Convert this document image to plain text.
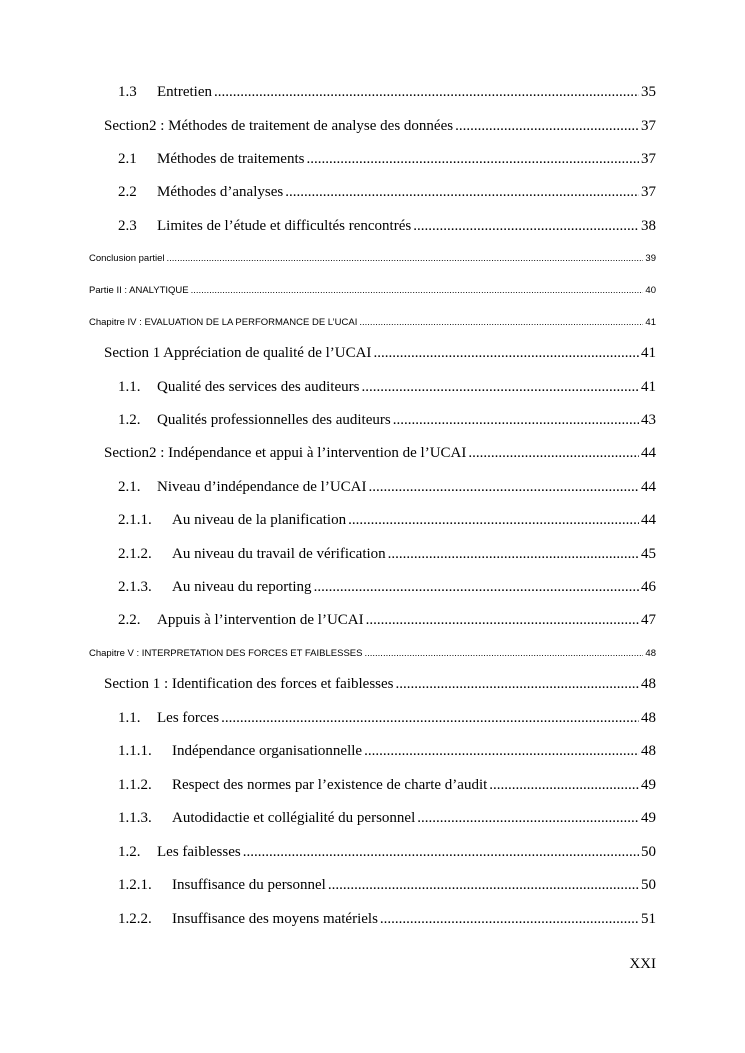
1.3	Entretien .....	35
Section2 : Méthodes de traitement de analyse des données .....	37
2.1	Méthodes de traitements .....	37
2.2	Méthodes d’analyses .....	37
2.3	Limites de l’étude et difficultés rencontrés .....	38
Conclusion partiel .....	39
Partie II : ANALYTIQUE .....	40
Chapitre IV : EVALUATION DE LA PERFORMANCE DE L’UCAI .....	41
Section 1 Appréciation de qualité de l’UCAI .....	41
1.1.	Qualité des services des auditeurs .....	41
1.2.	Qualités professionnelles des auditeurs .....	43
Section2 : Indépendance et appui à l’intervention de l’UCAI .....	44
2.1.	Niveau d’indépendance de l’UCAI .....	44
2.1.1.	Au niveau de la planification .....	44
2.1.2.	Au niveau du travail de vérification .....	45
2.1.3.	Au niveau du reporting .....	46
2.2.	Appuis à l’intervention de l’UCAI .....	47
Chapitre V : INTERPRETATION DES FORCES ET FAIBLESSES .....	48
Section 1 : Identification des forces et faiblesses .....	48
1.1.	Les forces .....	48
1.1.1.	Indépendance organisationnelle .....	48
1.1.2.	Respect des normes par l’existence de charte d’audit .....	49
1.1.3.	Autodidactie et collégialité du personnel .....	49
1.2.	Les faiblesses .....	50
1.2.1.	Insuffisance du personnel .....	50
1.2.2.	Insuffisance des moyens matériels .....	51
XXI
